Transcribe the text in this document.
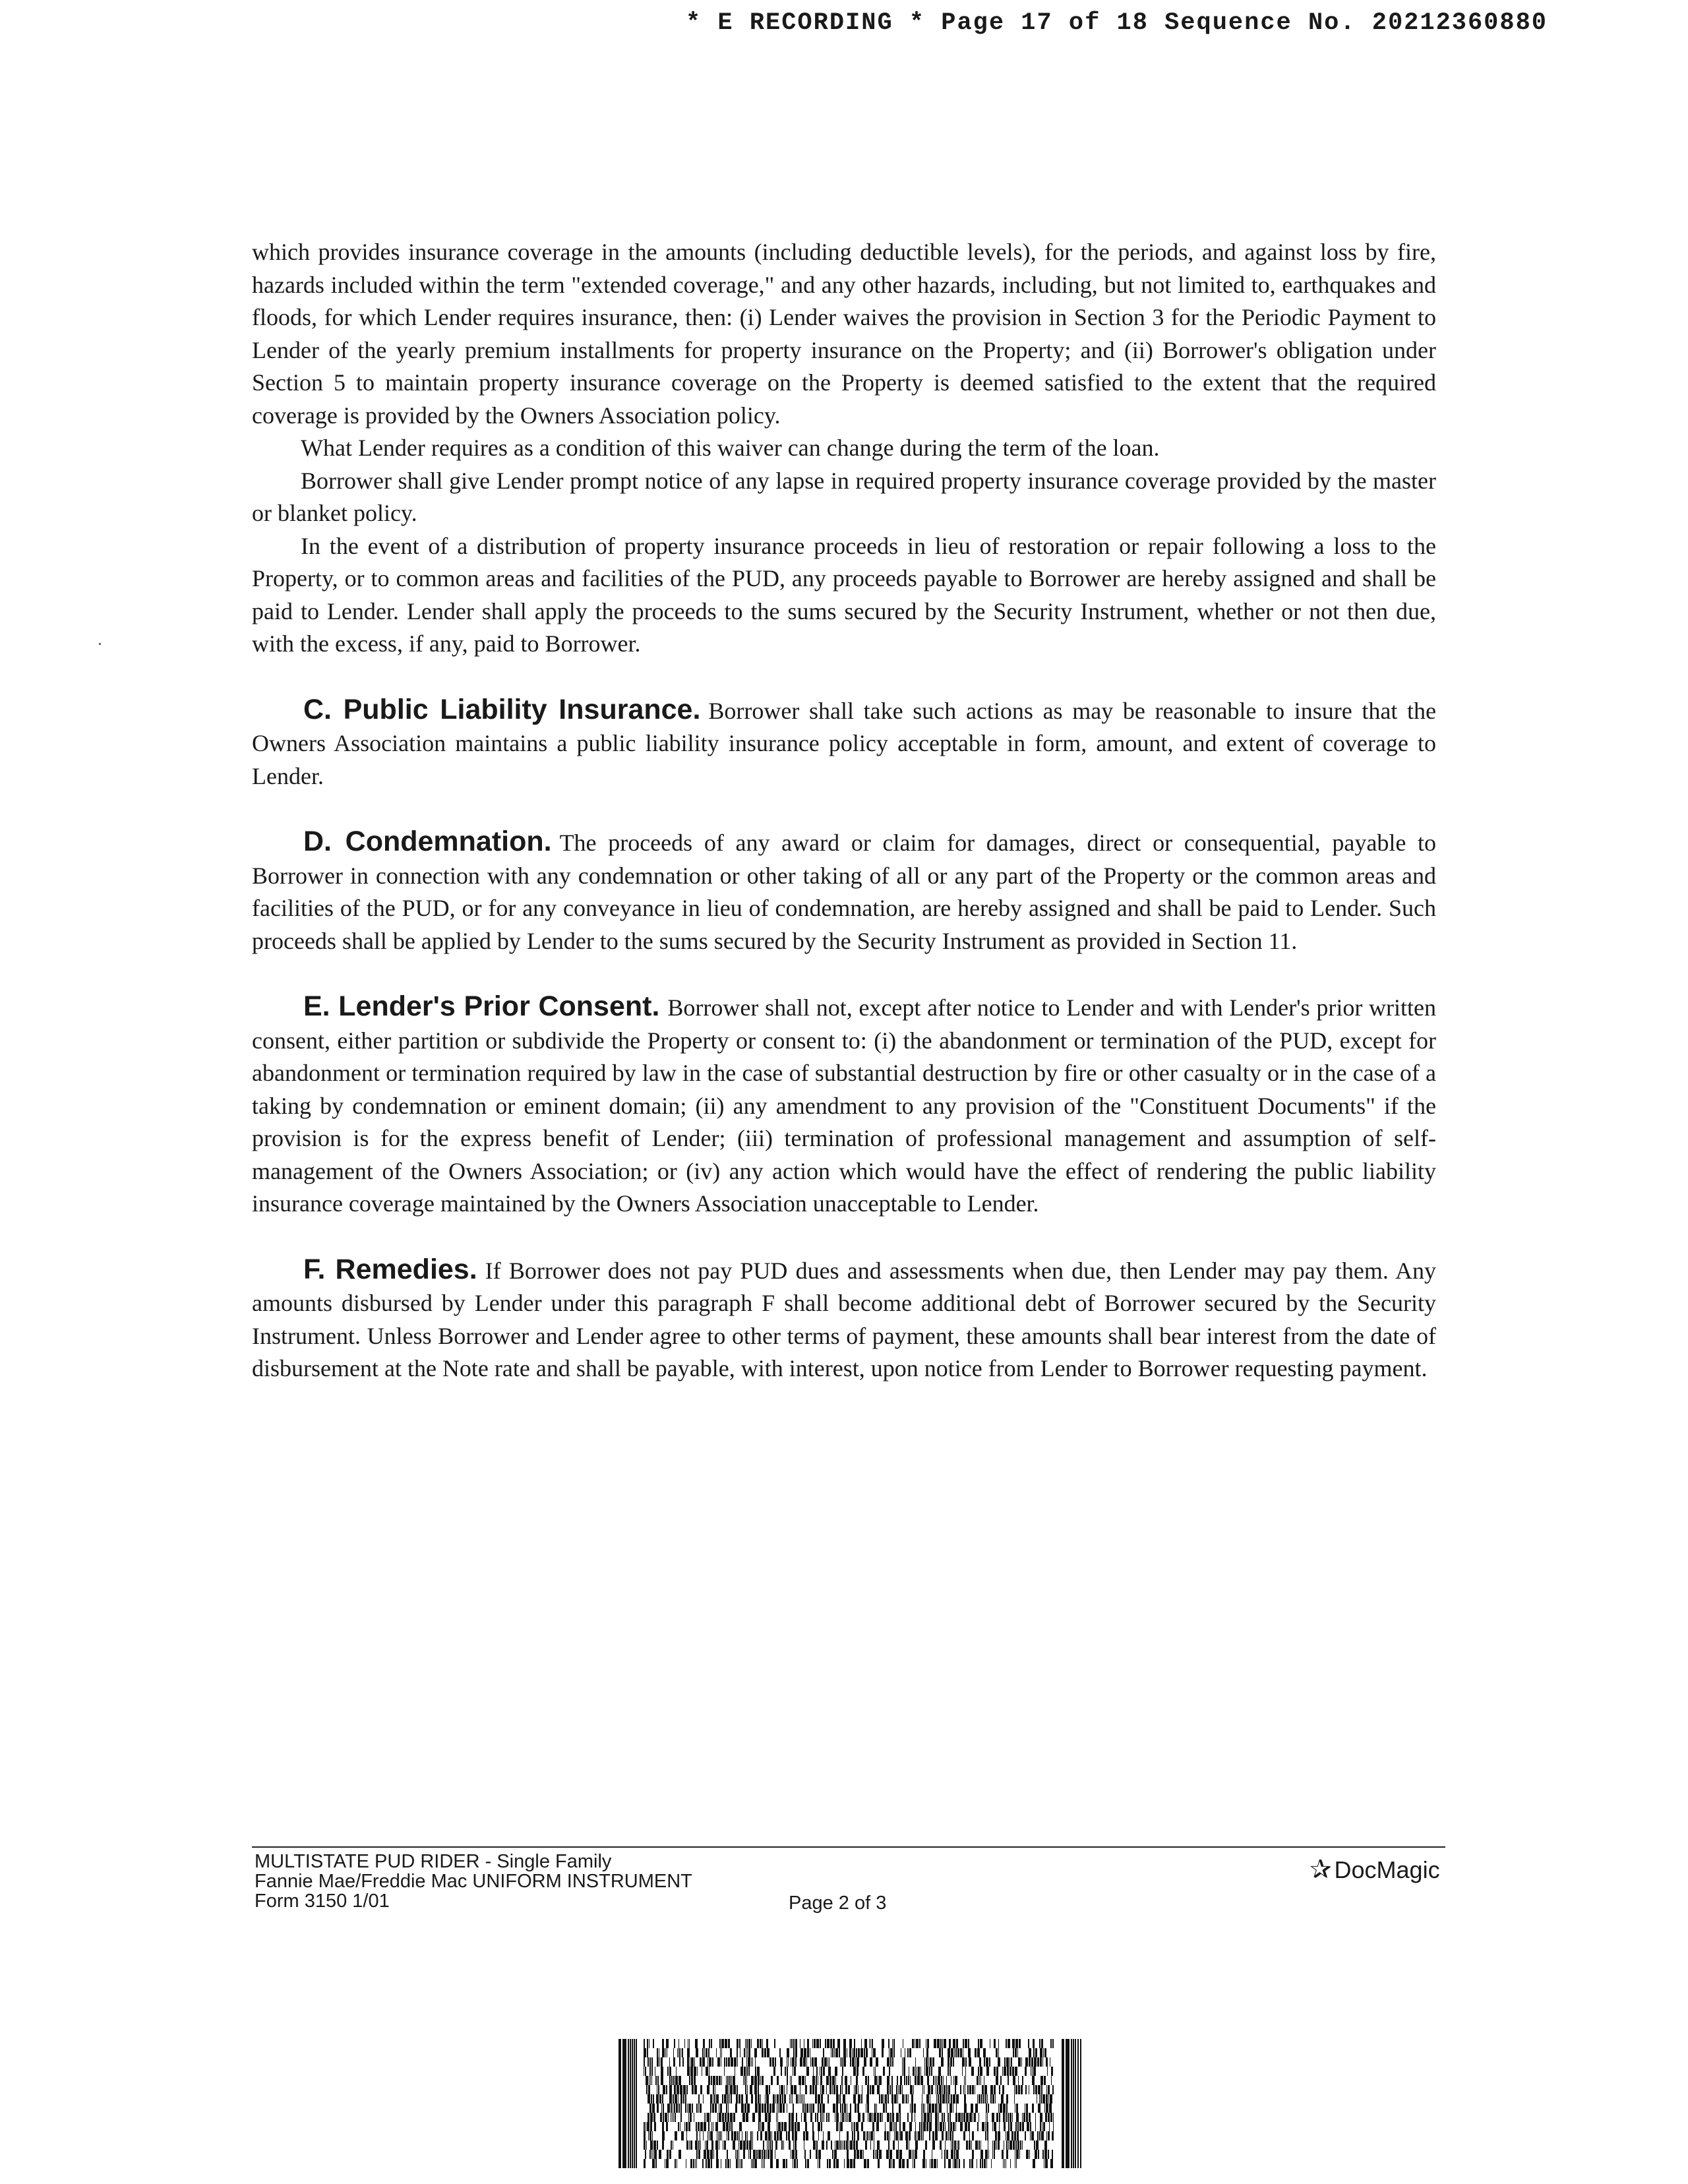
* E RECORDING * Page 17 of 18 Sequence No. 20212360880

which provides insurance coverage in the amounts (including deductible levels), for the periods, and against loss by fire, hazards included within the term "extended coverage," and any other hazards, including, but not limited to, earthquakes and floods, for which Lender requires insurance, then: (i) Lender waives the provision in Section 3 for the Periodic Payment to Lender of the yearly premium installments for property insurance on the Property; and (ii) Borrower's obligation under Section 5 to maintain property insurance coverage on the Property is deemed satisfied to the extent that the required coverage is provided by the Owners Association policy.

What Lender requires as a condition of this waiver can change during the term of the loan.

Borrower shall give Lender prompt notice of any lapse in required property insurance coverage provided by the master or blanket policy.

In the event of a distribution of property insurance proceeds in lieu of restoration or repair following a loss to the Property, or to common areas and facilities of the PUD, any proceeds payable to Borrower are hereby assigned and shall be paid to Lender. Lender shall apply the proceeds to the sums secured by the Security Instrument, whether or not then due, with the excess, if any, paid to Borrower.

C. Public Liability Insurance. Borrower shall take such actions as may be reasonable to insure that the Owners Association maintains a public liability insurance policy acceptable in form, amount, and extent of coverage to Lender.

D. Condemnation. The proceeds of any award or claim for damages, direct or consequential, payable to Borrower in connection with any condemnation or other taking of all or any part of the Property or the common areas and facilities of the PUD, or for any conveyance in lieu of condemnation, are hereby assigned and shall be paid to Lender. Such proceeds shall be applied by Lender to the sums secured by the Security Instrument as provided in Section 11.

E. Lender's Prior Consent. Borrower shall not, except after notice to Lender and with Lender's prior written consent, either partition or subdivide the Property or consent to: (i) the abandonment or termination of the PUD, except for abandonment or termination required by law in the case of substantial destruction by fire or other casualty or in the case of a taking by condemnation or eminent domain; (ii) any amendment to any provision of the "Constituent Documents" if the provision is for the express benefit of Lender; (iii) termination of professional management and assumption of self-management of the Owners Association; or (iv) any action which would have the effect of rendering the public liability insurance coverage maintained by the Owners Association unacceptable to Lender.

F. Remedies. If Borrower does not pay PUD dues and assessments when due, then Lender may pay them. Any amounts disbursed by Lender under this paragraph F shall become additional debt of Borrower secured by the Security Instrument. Unless Borrower and Lender agree to other terms of payment, these amounts shall bear interest from the date of disbursement at the Note rate and shall be payable, with interest, upon notice from Lender to Borrower requesting payment.

MULTISTATE PUD RIDER - Single Family
Fannie Mae/Freddie Mac UNIFORM INSTRUMENT
Form 3150 1/01	Page 2 of 3
✰ DocMagic
